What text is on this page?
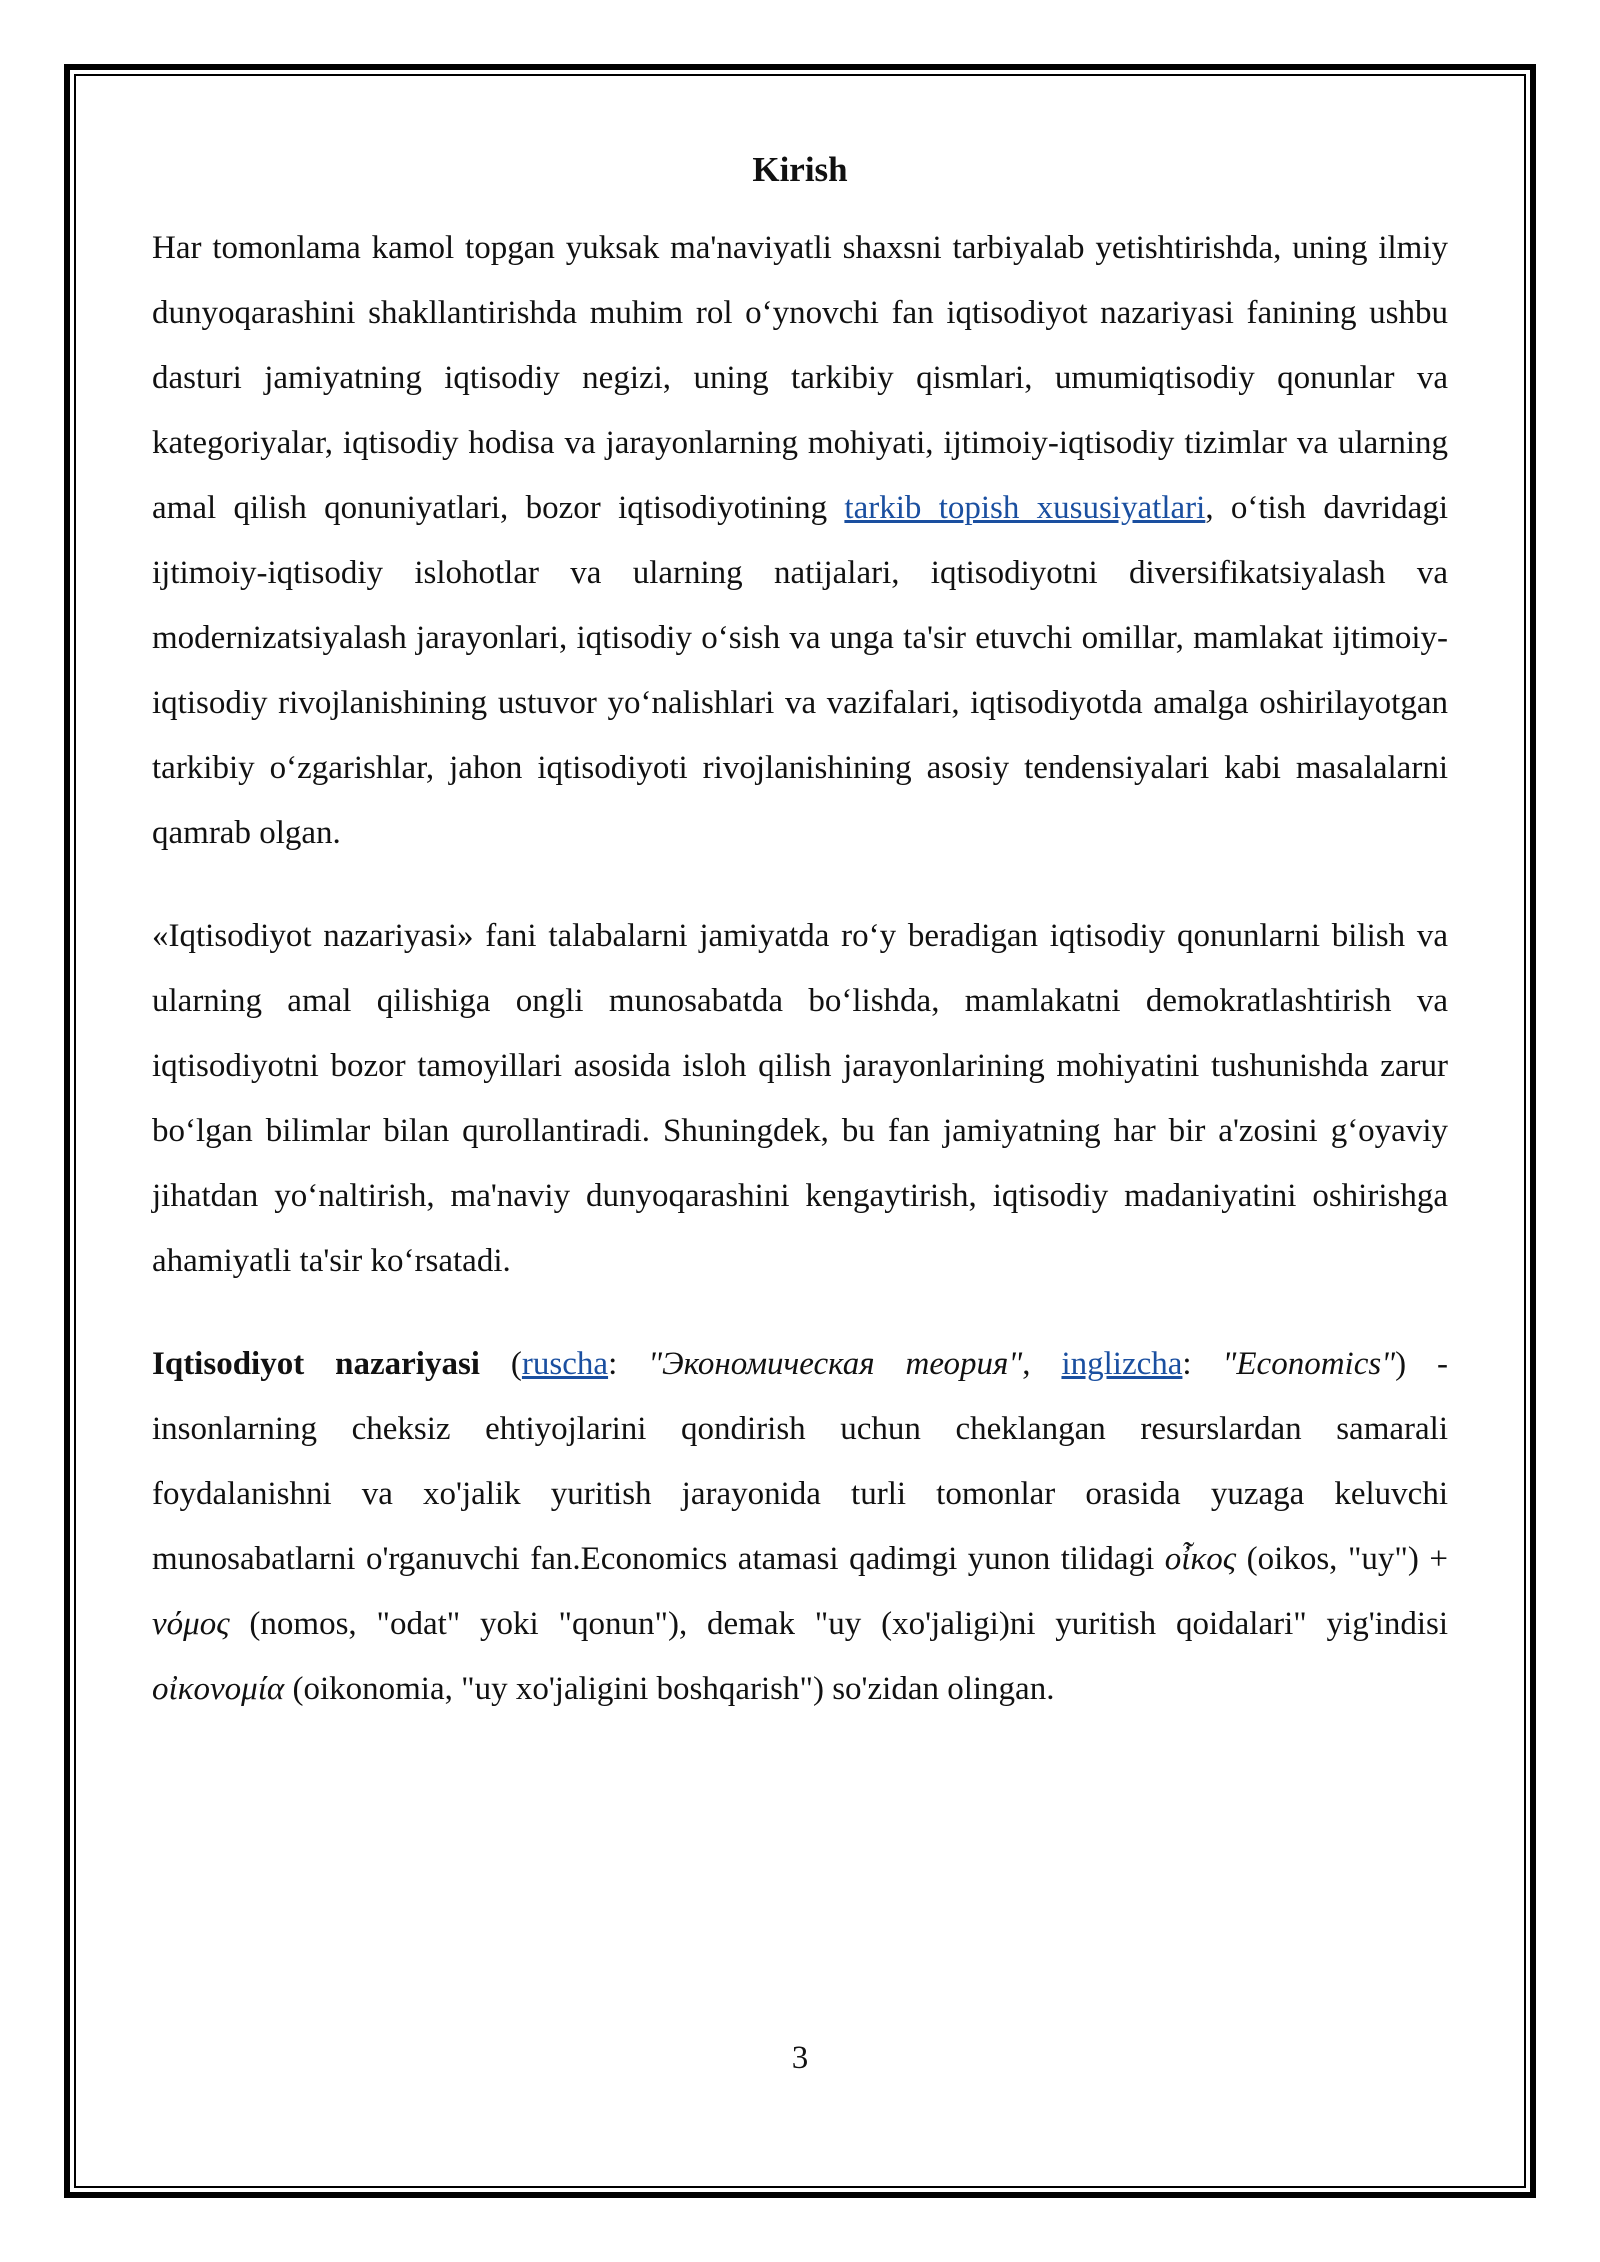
Kirish

Har tomonlama kamol topgan yuksak ma'naviyatli shaxsni tarbiyalab yetishtirishda, uning ilmiy dunyoqarashini shakllantirishda muhim rol o‘ynovchi fan iqtisodiyot nazariyasi fanining ushbu dasturi jamiyatning iqtisodiy negizi, uning tarkibiy qismlari, umumiqtisodiy qonunlar va kategoriyalar, iqtisodiy hodisa va jarayonlarning mohiyati, ijtimoiy-iqtisodiy tizimlar va ularning amal qilish qonuniyatlari, bozor iqtisodiyotining tarkib topish xususiyatlari, o‘tish davridagi ijtimoiy-iqtisodiy islohotlar va ularning natijalari, iqtisodiyotni diversifikatsiyalash va modernizatsiyalash jarayonlari, iqtisodiy o‘sish va unga ta'sir etuvchi omillar, mamlakat ijtimoiy-iqtisodiy rivojlanishining ustuvor yo‘nalishlari va vazifalari, iqtisodiyotda amalga oshirilayotgan tarkibiy o‘zgarishlar, jahon iqtisodiyoti rivojlanishining asosiy tendensiyalari kabi masalalarni qamrab olgan.

«Iqtisodiyot nazariyasi» fani talabalarni jamiyatda ro‘y beradigan iqtisodiy qonunlarni bilish va ularning amal qilishiga ongli munosabatda bo‘lishda, mamlakatni demokratlashtirish va iqtisodiyotni bozor tamoyillari asosida isloh qilish jarayonlarining mohiyatini tushunishda zarur bo‘lgan bilimlar bilan qurollantiradi. Shuningdek, bu fan jamiyatning har bir a'zosini g‘oyaviy jihatdan yo‘naltirish, ma'naviy dunyoqarashini kengaytirish, iqtisodiy madaniyatini oshirishga ahamiyatli ta'sir ko‘rsatadi.

Iqtisodiyot nazariyasi (ruscha: "Экономическая теория", inglizcha: "Economics") - insonlarning cheksiz ehtiyojlarini qondirish uchun cheklangan resurslardan samarali foydalanishni va xo'jalik yuritish jarayonida turli tomonlar orasida yuzaga keluvchi munosabatlarni o'rganuvchi fan.Economics atamasi qadimgi yunon tilidagi οἶκος (oikos, "uy") + νόμος (nomos, "odat" yoki "qonun"), demak "uy (xo'jaligi)ni yuritish qoidalari" yig'indisi οἰκονομία (oikonomia, "uy xo'jaligini boshqarish") so'zidan olingan.

3
